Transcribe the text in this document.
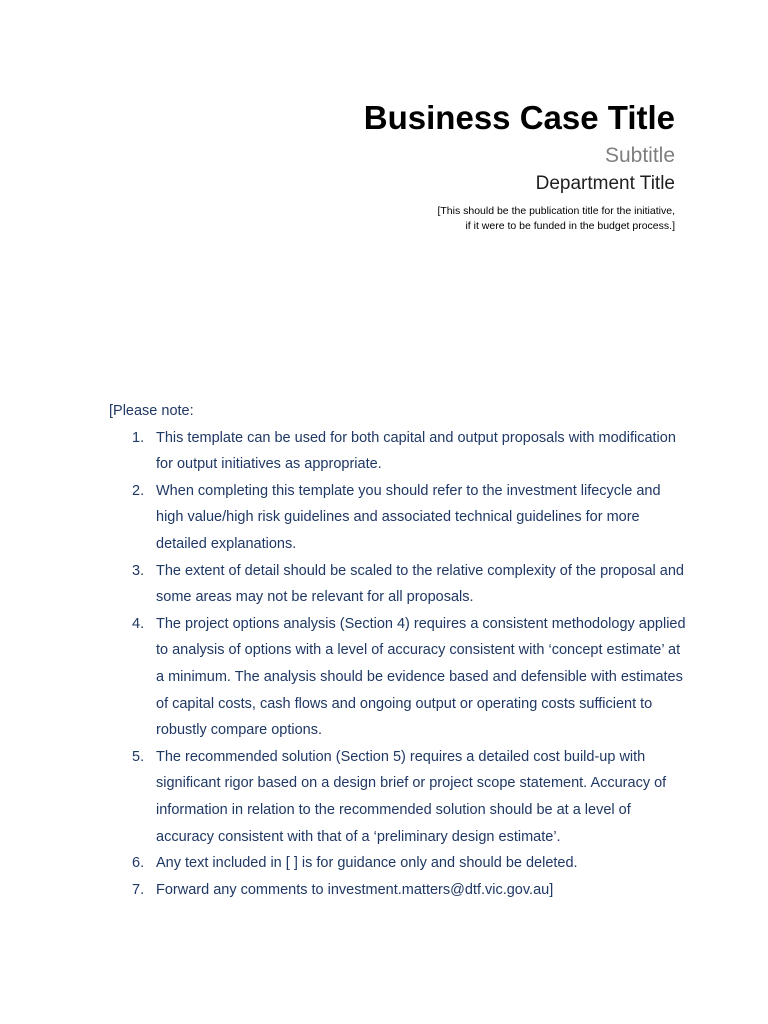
Business Case Title
Subtitle
Department Title
[This should be the publication title for the initiative,
if it were to be funded in the budget process.]
[Please note:
1. This template can be used for both capital and output proposals with modification for output initiatives as appropriate.
2. When completing this template you should refer to the investment lifecycle and high value/high risk guidelines and associated technical guidelines for more detailed explanations.
3. The extent of detail should be scaled to the relative complexity of the proposal and some areas may not be relevant for all proposals.
4. The project options analysis (Section 4) requires a consistent methodology applied to analysis of options with a level of accuracy consistent with ‘concept estimate’ at a minimum. The analysis should be evidence based and defensible with estimates of capital costs, cash flows and ongoing output or operating costs sufficient to robustly compare options.
5. The recommended solution (Section 5) requires a detailed cost build-up with significant rigor based on a design brief or project scope statement. Accuracy of information in relation to the recommended solution should be at a level of accuracy consistent with that of a ‘preliminary design estimate’.
6. Any text included in [ ] is for guidance only and should be deleted.
7. Forward any comments to investment.matters@dtf.vic.gov.au]
